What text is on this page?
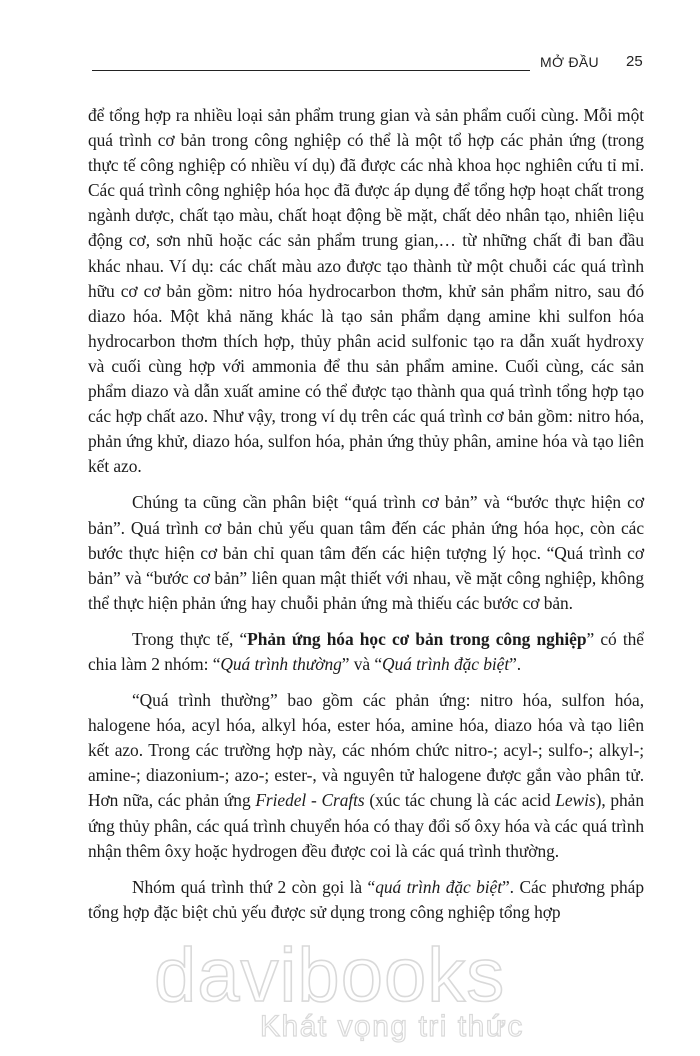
MỞ ĐẦU 25

để tổng hợp ra nhiều loại sản phẩm trung gian và sản phẩm cuối cùng. Mỗi một quá trình cơ bản trong công nghiệp có thể là một tổ hợp các phản ứng (trong thực tế công nghiệp có nhiều ví dụ) đã được các nhà khoa học nghiên cứu tỉ mỉ. Các quá trình công nghiệp hóa học đã được áp dụng để tổng hợp hoạt chất trong ngành dược, chất tạo màu, chất hoạt động bề mặt, chất dẻo nhân tạo, nhiên liệu động cơ, sơn nhũ hoặc các sản phẩm trung gian,… từ những chất đi ban đầu khác nhau. Ví dụ: các chất màu azo được tạo thành từ một chuỗi các quá trình hữu cơ cơ bản gồm: nitro hóa hydrocarbon thơm, khử sản phẩm nitro, sau đó diazo hóa. Một khả năng khác là tạo sản phẩm dạng amine khi sulfon hóa hydrocarbon thơm thích hợp, thủy phân acid sulfonic tạo ra dẫn xuất hydroxy và cuối cùng hợp với ammonia để thu sản phẩm amine. Cuối cùng, các sản phẩm diazo và dẫn xuất amine có thể được tạo thành qua quá trình tổng hợp tạo các hợp chất azo. Như vậy, trong ví dụ trên các quá trình cơ bản gồm: nitro hóa, phản ứng khử, diazo hóa, sulfon hóa, phản ứng thủy phân, amine hóa và tạo liên kết azo.

Chúng ta cũng cần phân biệt “quá trình cơ bản” và “bước thực hiện cơ bản”. Quá trình cơ bản chủ yếu quan tâm đến các phản ứng hóa học, còn các bước thực hiện cơ bản chỉ quan tâm đến các hiện tượng lý học. “Quá trình cơ bản” và “bước cơ bản” liên quan mật thiết với nhau, về mặt công nghiệp, không thể thực hiện phản ứng hay chuỗi phản ứng mà thiếu các bước cơ bản.

Trong thực tế, “Phản ứng hóa học cơ bản trong công nghiệp” có thể chia làm 2 nhóm: “Quá trình thường” và “Quá trình đặc biệt”.

“Quá trình thường” bao gồm các phản ứng: nitro hóa, sulfon hóa, halogene hóa, acyl hóa, alkyl hóa, ester hóa, amine hóa, diazo hóa và tạo liên kết azo. Trong các trường hợp này, các nhóm chức nitro-; acyl-; sulfo-; alkyl-; amine-; diazonium-; azo-; ester-, và nguyên tử halogene được gắn vào phân tử. Hơn nữa, các phản ứng Friedel - Crafts (xúc tác chung là các acid Lewis), phản ứng thủy phân, các quá trình chuyển hóa có thay đổi số ôxy hóa và các quá trình nhận thêm ôxy hoặc hydrogen đều được coi là các quá trình thường.

Nhóm quá trình thứ 2 còn gọi là “quá trình đặc biệt”. Các phương pháp tổng hợp đặc biệt chủ yếu được sử dụng trong công nghiệp tổng hợp

davibooks
Khát vọng tri thức
